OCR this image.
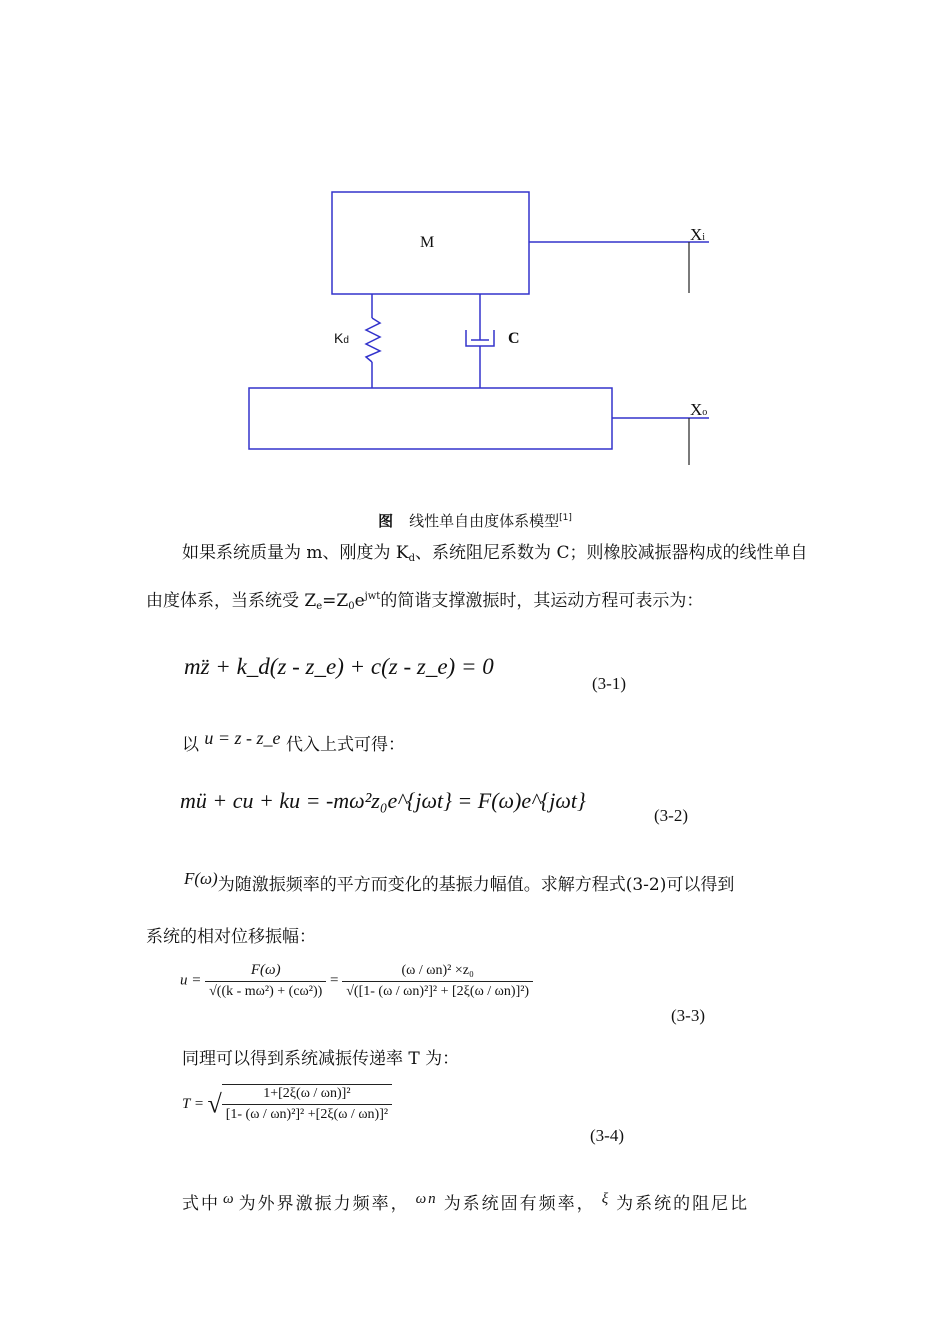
M	Xi
Kd	C
Xo
图 线性单自由度体系模型[1]
如果系统质量为 m、刚度为 $K_d$、系统阻尼系数为 C；则橡胶减振器构成的线性单自由度体系，当系统受 $Z_e=Z_0e^{jwt}$的简谐支撑激振时，其运动方程可表示为：
mz̈ + k_d(z - z_e) + c(z - z_e) = 0
(3-1)
以 u = z - z_e 代入上式可得：
mü + cu + ku = -mω²z₀e^{jωt} = F(ω)e^{jωt}
(3-2)
F(ω)为随激振频率的平方而变化的基振力幅值。求解方程式(3-2)可以得到
系统的相对位移振幅：
$u = \frac{F(\omega)}{\text{√((k - mω²) + (cω²))}} = \frac{\text{(ω / ωn)² ×z₀}}{\text{√([1- (ω / ωn)²]² + [2ξ(ω / ωn)]²)}}$
(3-3)
同理可以得到系统减振传递率 T 为：
T = √ $\frac{\text{1+[2ξ(ω / ωn)]²}}{\text{[1- (ω / ωn)²]² +[2ξ(ω / ωn)]²}}$
(3-4)
式中 ω 为外界激振力频率， ωn 为系统固有频率， ξ 为系统的阻尼比
